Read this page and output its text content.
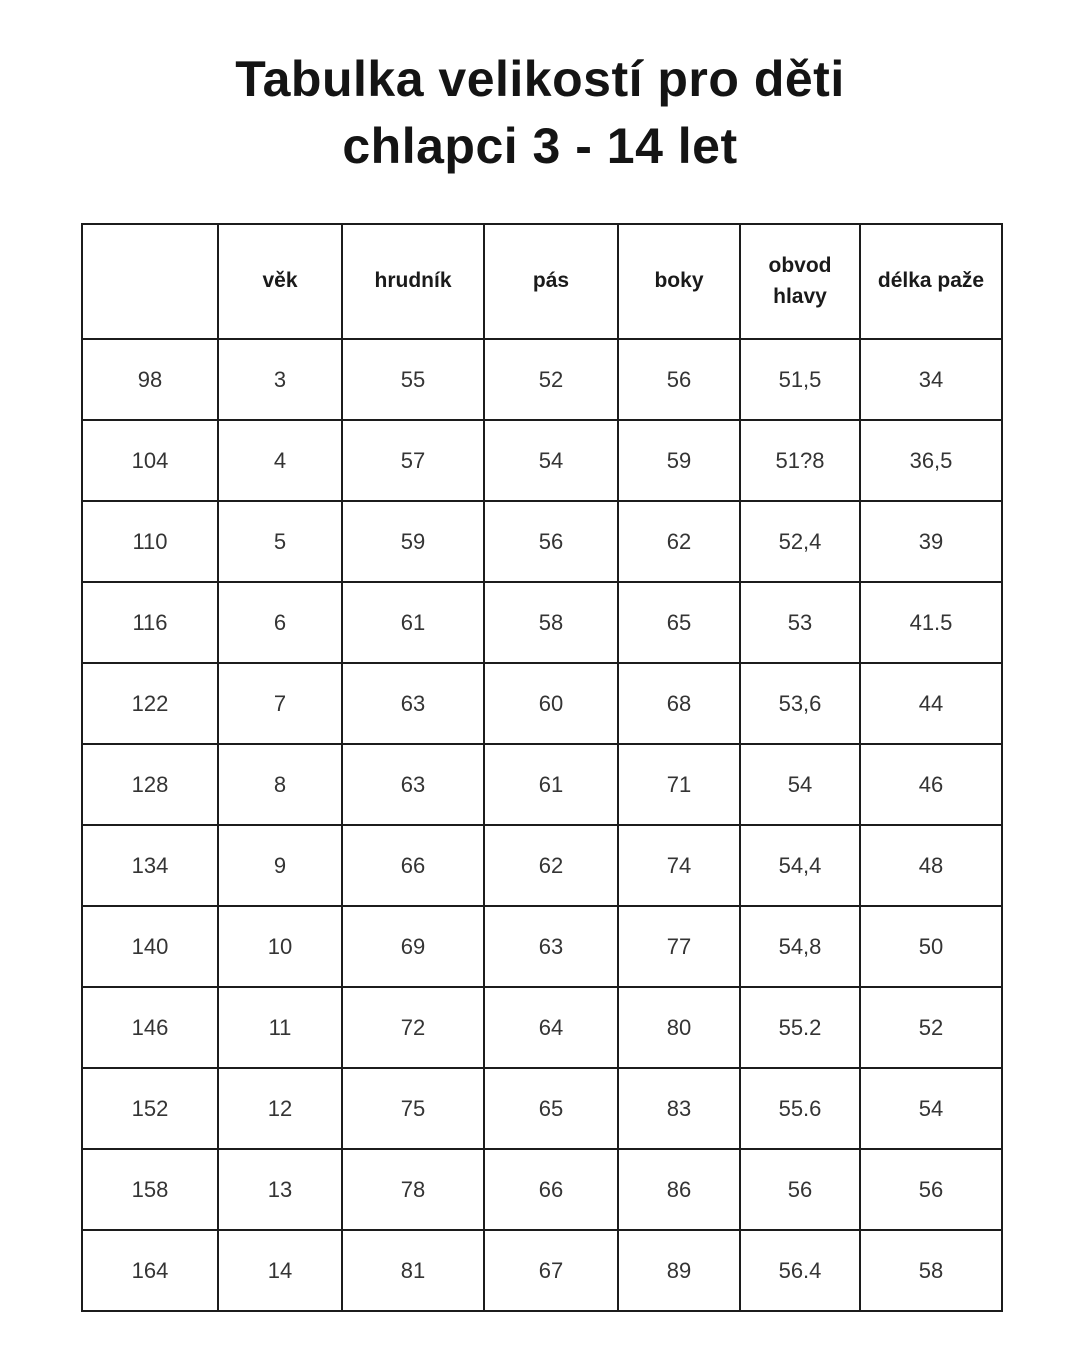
Tabulka velikostí pro děti
chlapci 3 - 14 let
	věk	hrudník	pás	boky	obvod hlavy	délka paže
98	3	55	52	56	51,5	34
104	4	57	54	59	51?8	36,5
110	5	59	56	62	52,4	39
116	6	61	58	65	53	41.5
122	7	63	60	68	53,6	44
128	8	63	61	71	54	46
134	9	66	62	74	54,4	48
140	10	69	63	77	54,8	50
146	11	72	64	80	55.2	52
152	12	75	65	83	55.6	54
158	13	78	66	86	56	56
164	14	81	67	89	56.4	58
